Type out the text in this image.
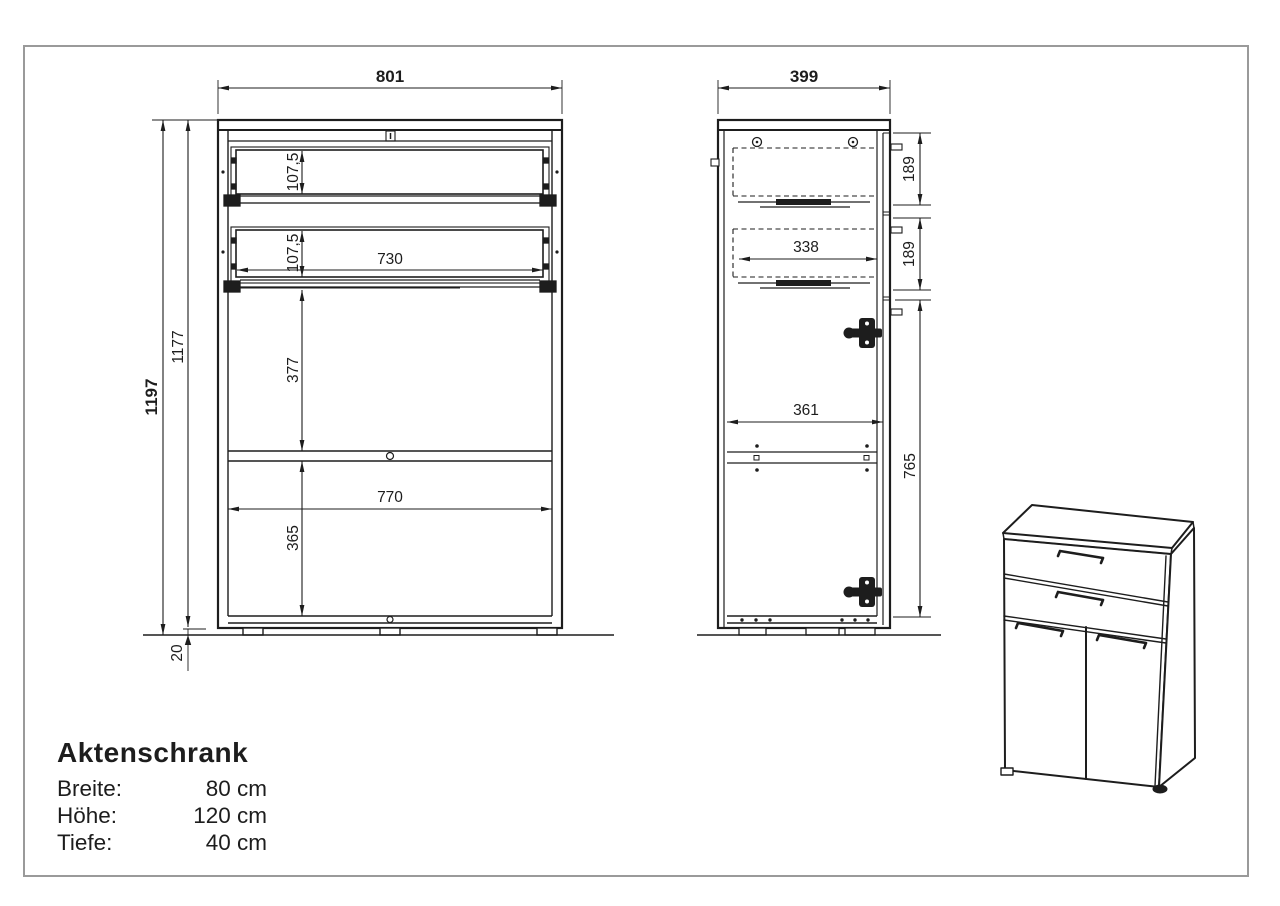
801
1197
1177
20
107,5
107,5	730
377
770
365
399
189
189
338
361
765
Aktenschrank
Breite:	80 cm
Höhe:	120 cm
Tiefe:	40 cm
